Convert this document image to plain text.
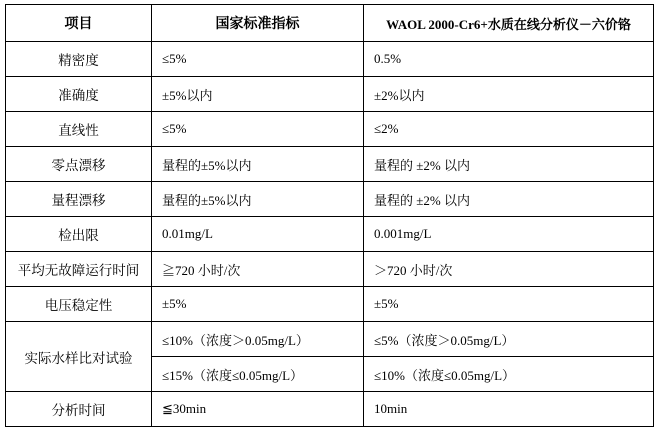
项目	国家标准指标	WAOL 2000-Cr6+水质在线分析仪－六价铬
精密度	≤5%	0.5%
准确度	±5%以内	±2%以内
直线性	≤5%	≤2%
零点漂移	量程的±5%以内	量程的 ±2% 以内
量程漂移	量程的±5%以内	量程的 ±2% 以内
检出限	0.01mg/L	0.001mg/L
平均无故障运行时间	≧720 小时/次	＞720 小时/次
电压稳定性	±5%	±5%
实际水样比对试验	≤10%（浓度＞0.05mg/L）	≤5%（浓度＞0.05mg/L）
	≤15%（浓度≤0.05mg/L）	≤10%（浓度≤0.05mg/L）
分析时间	≦30min	10min
